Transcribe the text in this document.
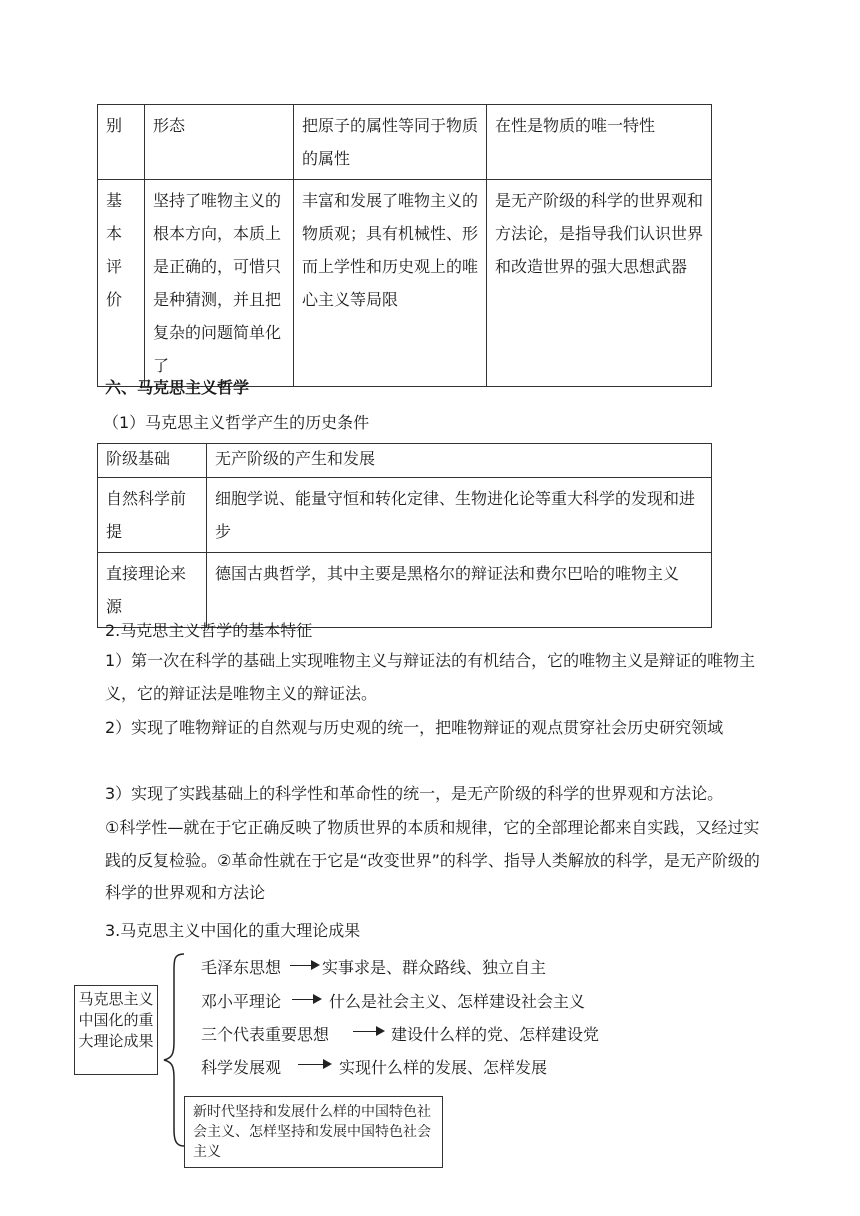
别	形态	把原子的属性等同于物质的属性	在性是物质的唯一特性
基本评价	坚持了唯物主义的根本方向，本质上是正确的，可惜只是种猜测，并且把复杂的问题简单化了	丰富和发展了唯物主义的物质观；具有机械性、形而上学性和历史观上的唯心主义等局限	是无产阶级的科学的世界观和方法论，是指导我们认识世界和改造世界的强大思想武器
六、马克思主义哲学
（1）马克思主义哲学产生的历史条件
阶级基础	无产阶级的产生和发展
自然科学前提	细胞学说、能量守恒和转化定律、生物进化论等重大科学的发现和进步
直接理论来源	德国古典哲学，其中主要是黑格尔的辩证法和费尔巴哈的唯物主义
2.马克思主义哲学的基本特征
1）第一次在科学的基础上实现唯物主义与辩证法的有机结合，它的唯物主义是辩证的唯物主义，它的辩证法是唯物主义的辩证法。
2）实现了唯物辩证的自然观与历史观的统一，把唯物辩证的观点贯穿社会历史研究领域
3）实现了实践基础上的科学性和革命性的统一，是无产阶级的科学的世界观和方法论。
①科学性—就在于它正确反映了物质世界的本质和规律，它的全部理论都来自实践，又经过实践的反复检验。②革命性就在于它是“改变世界”的科学、指导人类解放的科学，是无产阶级的科学的世界观和方法论
3.马克思主义中国化的重大理论成果
马克思主义中国化的重大理论成果
毛泽东思想	实事求是、群众路线、独立自主
邓小平理论	什么是社会主义、怎样建设社会主义
三个代表重要思想	建设什么样的党、怎样建设党
科学发展观	实现什么样的发展、怎样发展
新时代坚持和发展什么样的中国特色社会主义、怎样坚持和发展中国特色社会主义
